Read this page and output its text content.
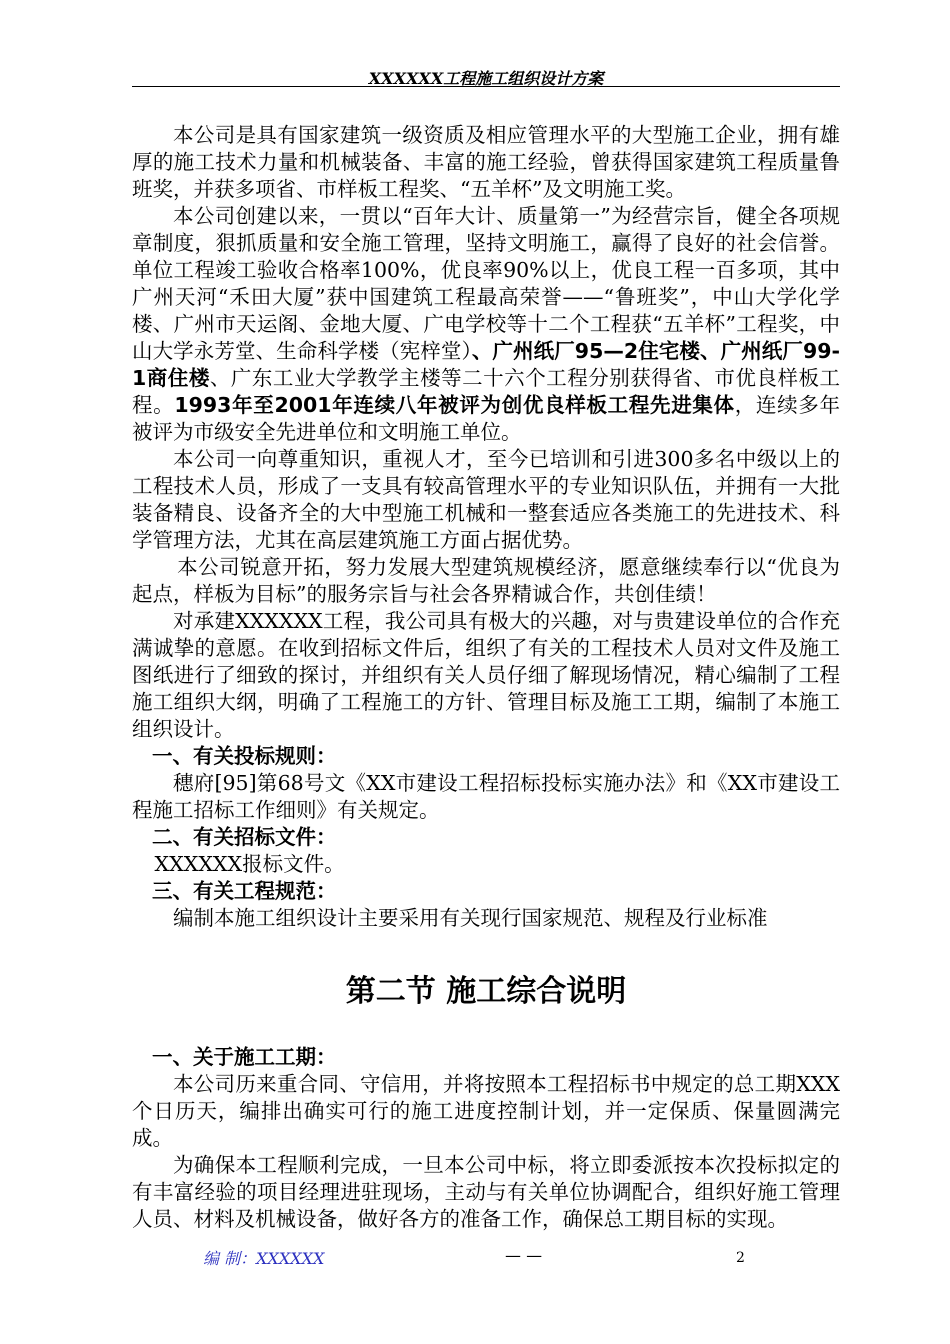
XXXXXX工程施工组织设计方案

本公司是具有国家建筑一级资质及相应管理水平的大型施工企业，拥有雄厚的施工技术力量和机械装备、丰富的施工经验，曾获得国家建筑工程质量鲁班奖，并获多项省、市样板工程奖、“五羊杯”及文明施工奖。

本公司创建以来，一贯以“百年大计、质量第一”为经营宗旨，健全各项规章制度，狠抓质量和安全施工管理，坚持文明施工，赢得了良好的社会信誉。单位工程竣工验收合格率100%，优良率90%以上，优良工程一百多项，其中广州天河“禾田大厦”获中国建筑工程最高荣誉——“鲁班奖”，中山大学化学楼、广州市天运阁、金地大厦、广电学校等十二个工程获“五羊杯”工程奖，中山大学永芳堂、生命科学楼（宪梓堂）、广州纸厂95—2住宅楼、广州纸厂99-1商住楼、广东工业大学教学主楼等二十六个工程分别获得省、市优良样板工程。1993年至2001年连续八年被评为创优良样板工程先进集体，连续多年被评为市级安全先进单位和文明施工单位。

本公司一向尊重知识，重视人才，至今已培训和引进300多名中级以上的工程技术人员，形成了一支具有较高管理水平的专业知识队伍，并拥有一大批装备精良、设备齐全的大中型施工机械和一整套适应各类施工的先进技术、科学管理方法，尤其在高层建筑施工方面占据优势。

本公司锐意开拓，努力发展大型建筑规模经济，愿意继续奉行以“优良为起点，样板为目标”的服务宗旨与社会各界精诚合作，共创佳绩！

对承建XXXXXX工程，我公司具有极大的兴趣，对与贵建设单位的合作充满诚挚的意愿。在收到招标文件后，组织了有关的工程技术人员对文件及施工图纸进行了细致的探讨，并组织有关人员仔细了解现场情况，精心编制了工程施工组织大纲，明确了工程施工的方针、管理目标及施工工期，编制了本施工组织设计。

一、有关投标规则：

穗府[95]第68号文《XX市建设工程招标投标实施办法》和《XX市建设工程施工招标工作细则》有关规定。

二、有关招标文件：

XXXXXX报标文件。

三、有关工程规范：

编制本施工组织设计主要采用有关现行国家规范、规程及行业标准

第二节 施工综合说明

一、关于施工工期：

本公司历来重合同、守信用，并将按照本工程招标书中规定的总工期XXX个日历天，编排出确实可行的施工进度控制计划，并一定保质、保量圆满完成。

为确保本工程顺利完成，一旦本公司中标，将立即委派按本次投标拟定的有丰富经验的项目经理进驻现场，主动与有关单位协调配合，组织好施工管理人员、材料及机械设备，做好各方的准备工作，确保总工期目标的实现。

编 制：XXXXXX	— —	2
